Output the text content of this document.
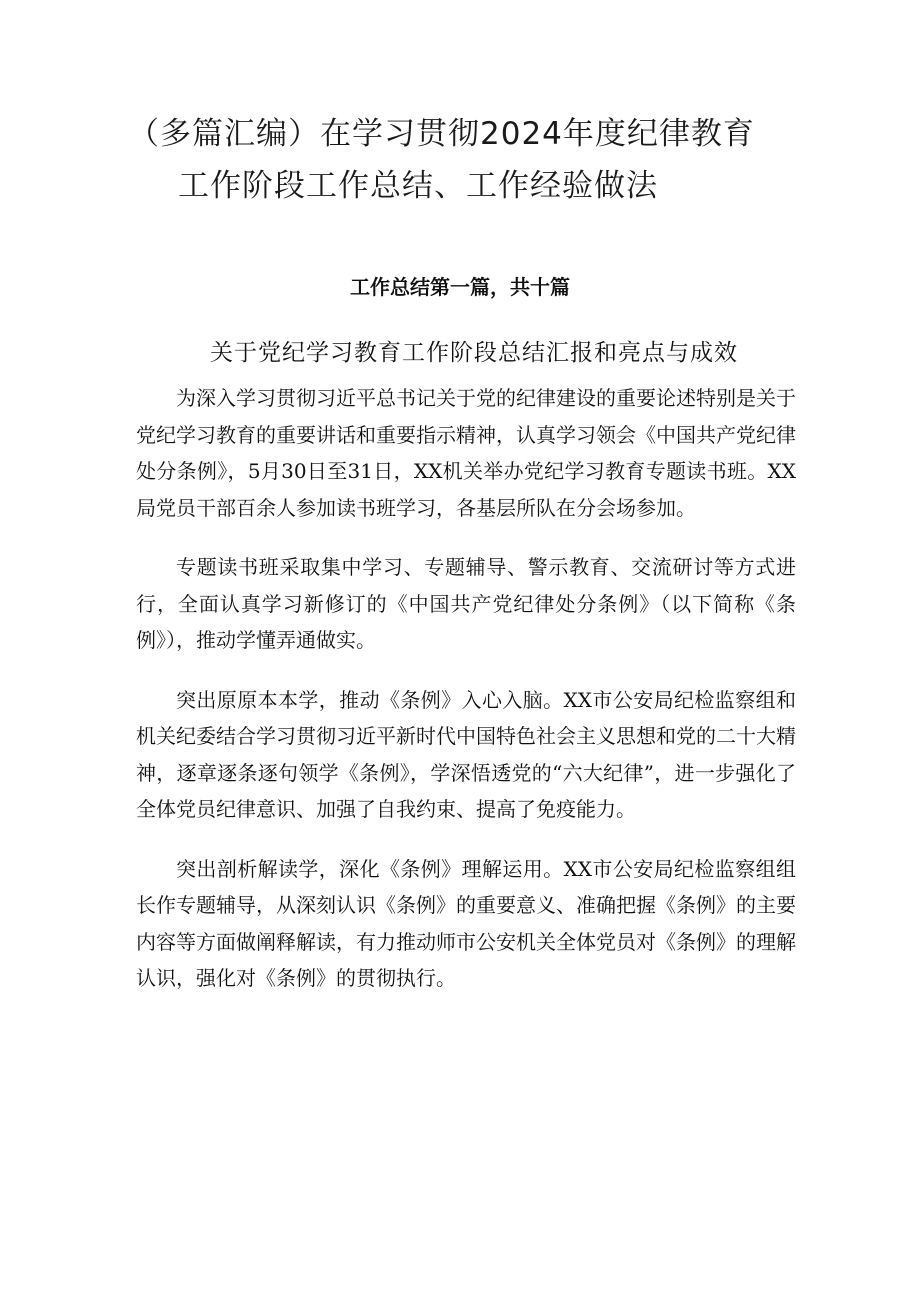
（多篇汇编）在学习贯彻2024年度纪律教育
工作阶段工作总结、工作经验做法
工作总结第一篇，共十篇
关于党纪学习教育工作阶段总结汇报和亮点与成效

为深入学习贯彻习近平总书记关于党的纪律建设的重要论述特别是关于党纪学习教育的重要讲话和重要指示精神，认真学习领会《中国共产党纪律处分条例》，5月30日至31日，XX机关举办党纪学习教育专题读书班。XX局党员干部百余人参加读书班学习，各基层所队在分会场参加。

专题读书班采取集中学习、专题辅导、警示教育、交流研讨等方式进行，全面认真学习新修订的《中国共产党纪律处分条例》（以下简称《条例》），推动学懂弄通做实。

突出原原本本学，推动《条例》入心入脑。XX市公安局纪检监察组和机关纪委结合学习贯彻习近平新时代中国特色社会主义思想和党的二十大精神，逐章逐条逐句领学《条例》，学深悟透党的“六大纪律”，进一步强化了全体党员纪律意识、加强了自我约束、提高了免疫能力。

突出剖析解读学，深化《条例》理解运用。XX市公安局纪检监察组组长作专题辅导，从深刻认识《条例》的重要意义、准确把握《条例》的主要内容等方面做阐释解读，有力推动师市公安机关全体党员对《条例》的理解认识，强化对《条例》的贯彻执行。
